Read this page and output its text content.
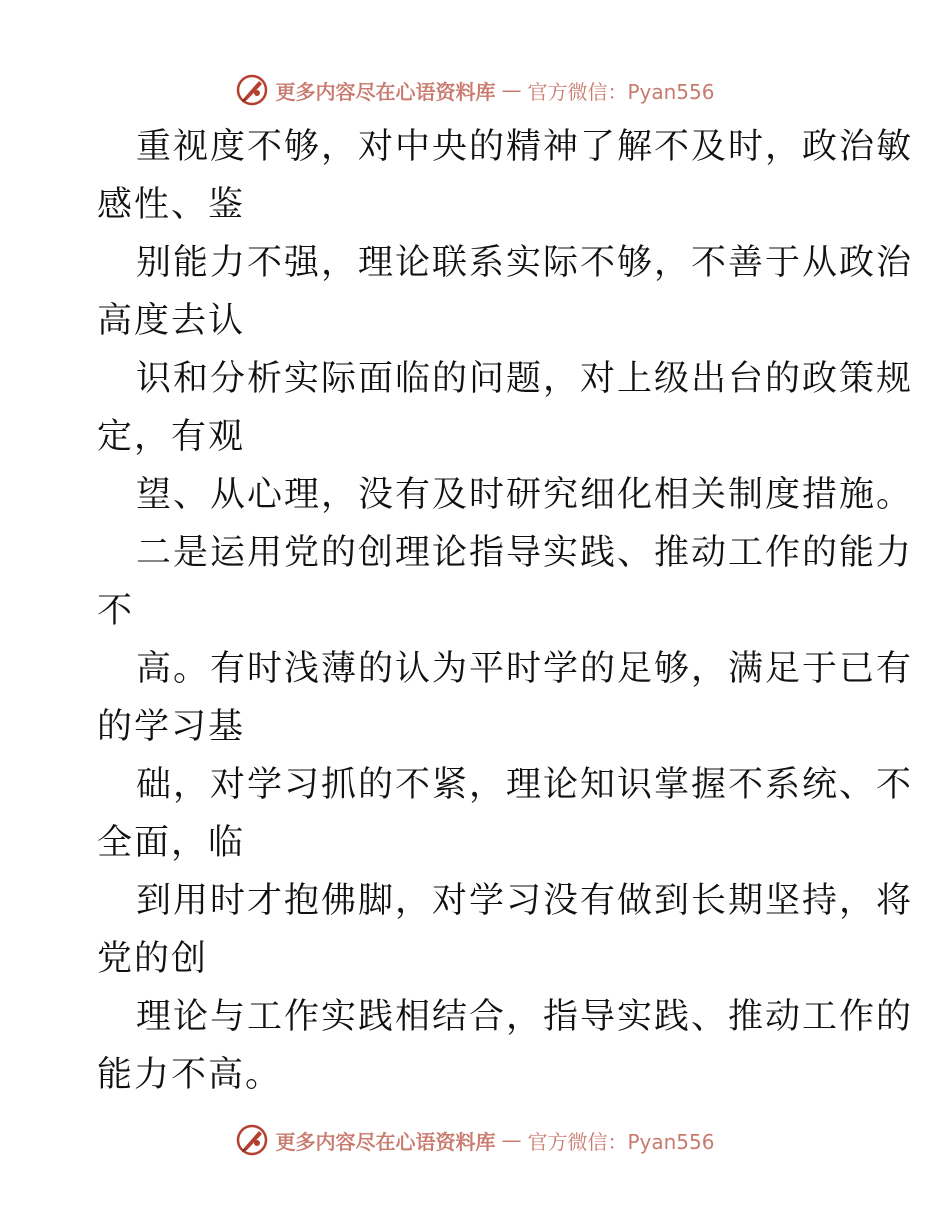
更多内容尽在心语资料库 — 官方微信：Pyan556
重视度不够，对中央的精神了解不及时，政治敏
感性、鉴
别能力不强，理论联系实际不够，不善于从政治
高度去认
识和分析实际面临的问题，对上级出台的政策规
定，有观
望、从心理，没有及时研究细化相关制度措施。
二是运用党的创理论指导实践、推动工作的能力
不
高。有时浅薄的认为平时学的足够，满足于已有
的学习基
础，对学习抓的不紧，理论知识掌握不系统、不
全面，临
到用时才抱佛脚，对学习没有做到长期坚持，将
党的创
理论与工作实践相结合，指导实践、推动工作的
能力不高。
更多内容尽在心语资料库 — 官方微信：Pyan556
